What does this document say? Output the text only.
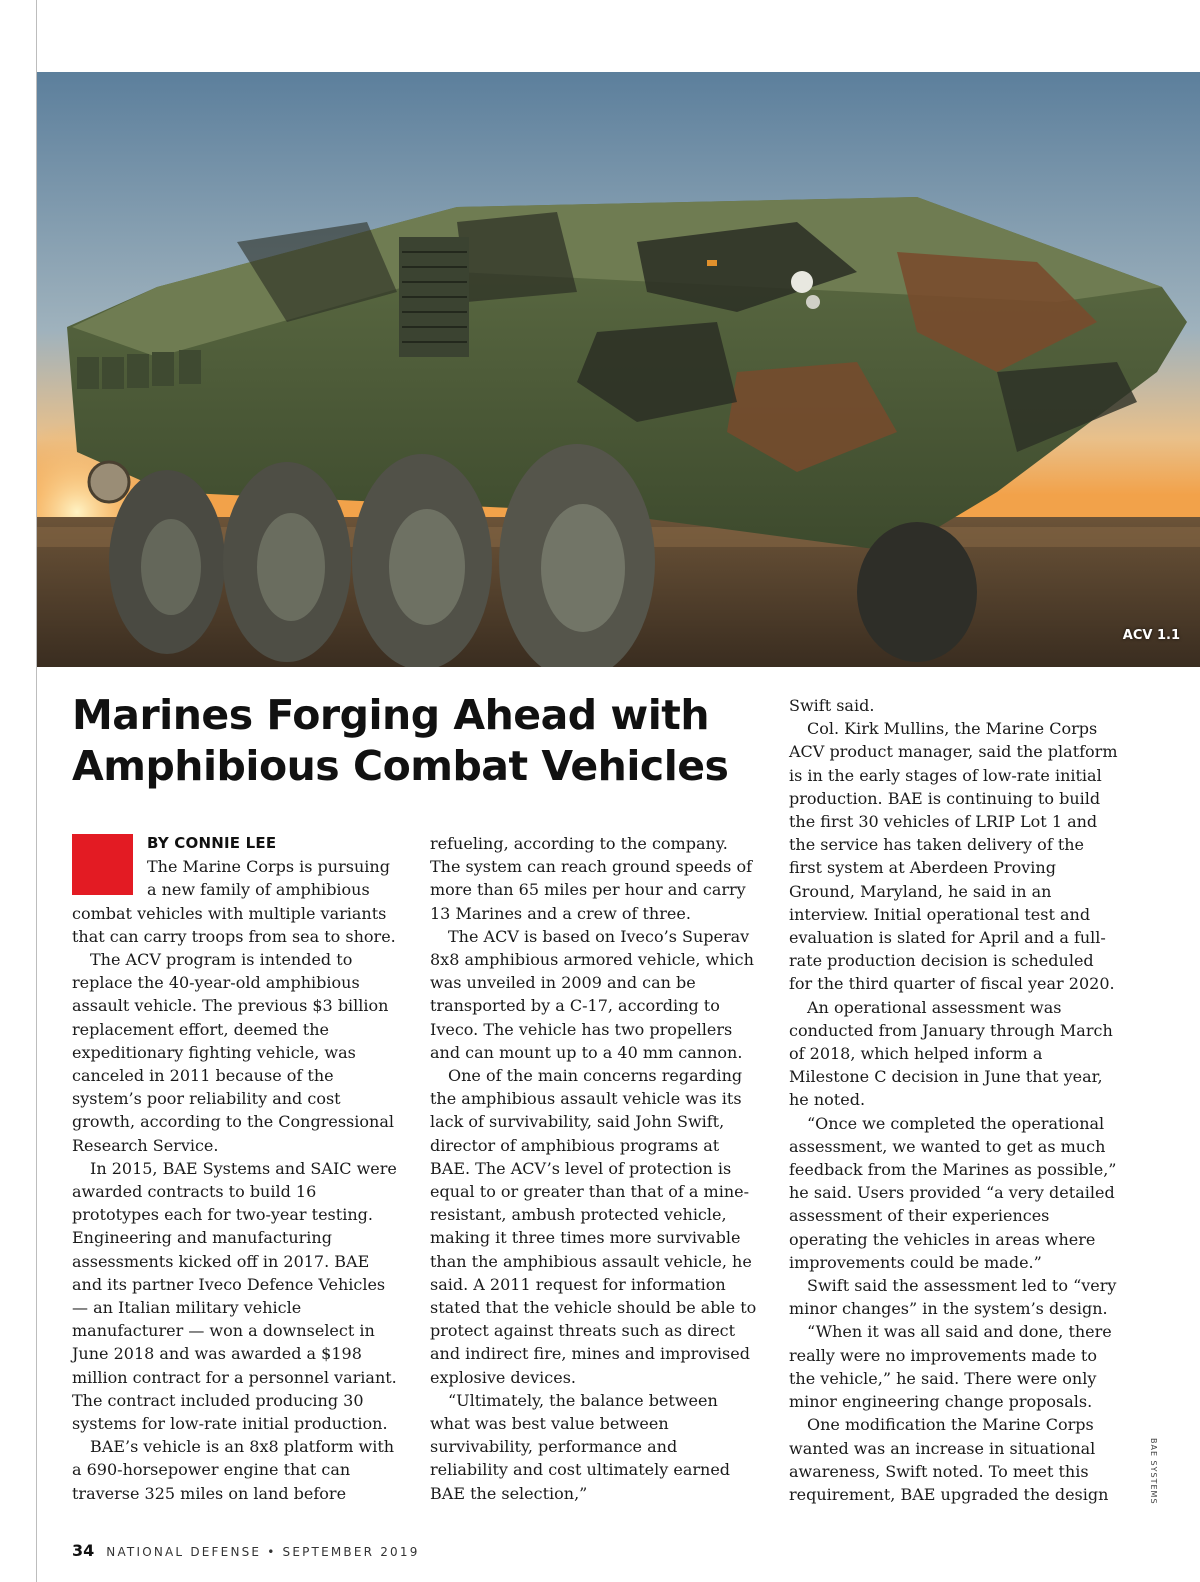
ACV 1.1
Marines Forging Ahead with Amphibious Combat Vehicles

BY CONNIE LEE

The Marine Corps is pursuing a new family of amphibious combat vehicles with multiple variants that can carry troops from sea to shore.

The ACV program is intended to replace the 40-year-old amphibious assault vehicle. The previous $3 billion replacement effort, deemed the expeditionary fighting vehicle, was canceled in 2011 because of the system’s poor reliability and cost growth, according to the Congressional Research Service.

In 2015, BAE Systems and SAIC were awarded contracts to build 16 prototypes each for two-year testing. Engineering and manufacturing assessments kicked off in 2017. BAE and its partner Iveco Defence Vehicles — an Italian military vehicle manufacturer — won a downselect in June 2018 and was awarded a $198 million contract for a personnel variant. The contract included producing 30 systems for low-rate initial production.

BAE’s vehicle is an 8x8 platform with a 690-horsepower engine that can traverse 325 miles on land before

refueling, according to the company. The system can reach ground speeds of more than 65 miles per hour and carry 13 Marines and a crew of three.

The ACV is based on Iveco’s Superav 8x8 amphibious armored vehicle, which was unveiled in 2009 and can be transported by a C-17, according to Iveco. The vehicle has two propellers and can mount up to a 40 mm cannon.

One of the main concerns regarding the amphibious assault vehicle was its lack of survivability, said John Swift, director of amphibious programs at BAE. The ACV’s level of protection is equal to or greater than that of a mine-resistant, ambush protected vehicle, making it three times more survivable than the amphibious assault vehicle, he said. A 2011 request for information stated that the vehicle should be able to protect against threats such as direct and indirect fire, mines and improvised explosive devices.

“Ultimately, the balance between what was best value between survivability, performance and reliability and cost ultimately earned BAE the selection,”

Swift said.

Col. Kirk Mullins, the Marine Corps ACV product manager, said the platform is in the early stages of low-rate initial production. BAE is continuing to build the first 30 vehicles of LRIP Lot 1 and the service has taken delivery of the first system at Aberdeen Proving Ground, Maryland, he said in an interview. Initial operational test and evaluation is slated for April and a full-rate production decision is scheduled for the third quarter of fiscal year 2020.

An operational assessment was conducted from January through March of 2018, which helped inform a Milestone C decision in June that year, he noted.

“Once we completed the operational assessment, we wanted to get as much feedback from the Marines as possible,” he said. Users provided “a very detailed assessment of their experiences operating the vehicles in areas where improvements could be made.”

Swift said the assessment led to “very minor changes” in the system’s design.

“When it was all said and done, there really were no improvements made to the vehicle,” he said. There were only minor engineering change proposals.

One modification the Marine Corps wanted was an increase in situational awareness, Swift noted. To meet this requirement, BAE upgraded the design	BAE SYSTEMS
34 NATIONAL DEFENSE • SEPTEMBER 2019
